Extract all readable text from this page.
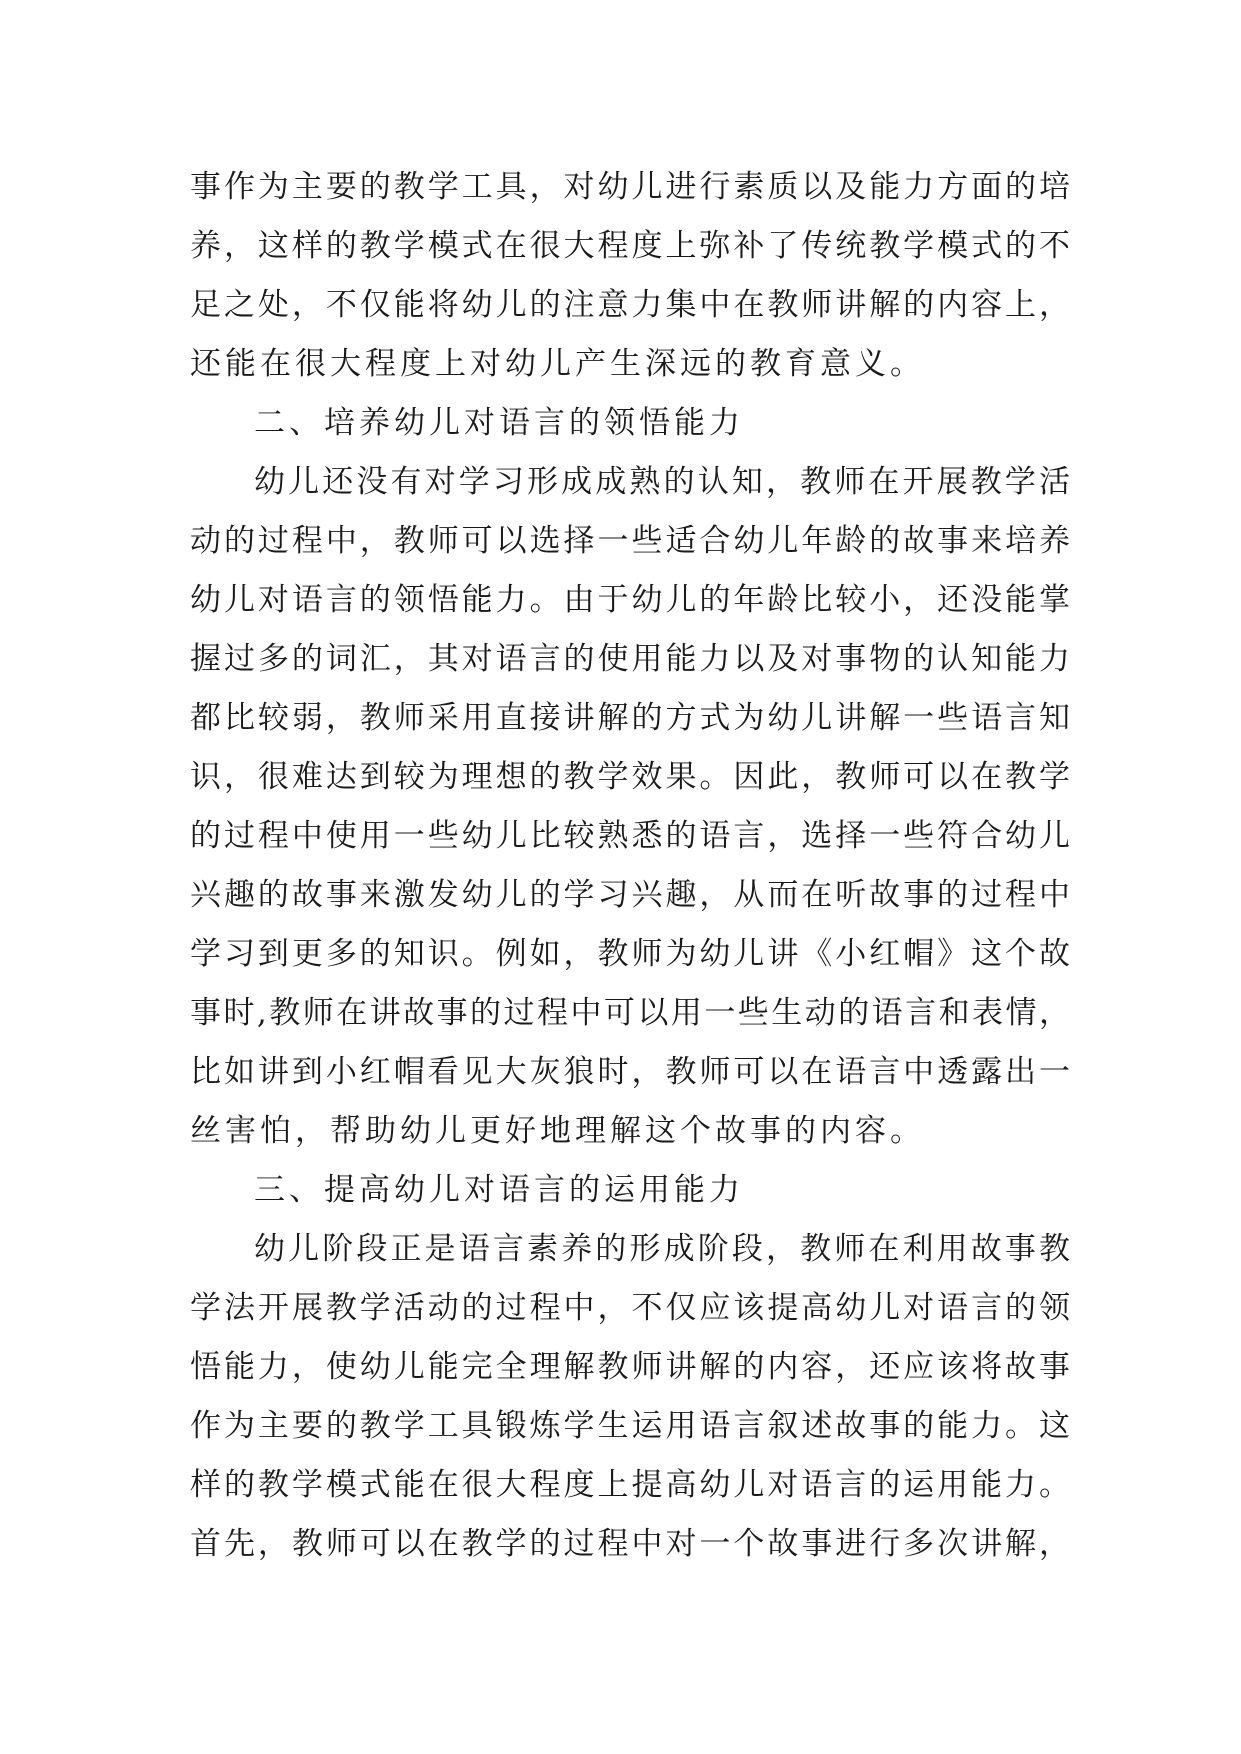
事作为主要的教学工具，对幼儿进行素质以及能力方面的培
养，这样的教学模式在很大程度上弥补了传统教学模式的不
足之处，不仅能将幼儿的注意力集中在教师讲解的内容上，
还能在很大程度上对幼儿产生深远的教育意义。
二、培养幼儿对语言的领悟能力
幼儿还没有对学习形成成熟的认知，教师在开展教学活
动的过程中，教师可以选择一些适合幼儿年龄的故事来培养
幼儿对语言的领悟能力。由于幼儿的年龄比较小，还没能掌
握过多的词汇，其对语言的使用能力以及对事物的认知能力
都比较弱，教师采用直接讲解的方式为幼儿讲解一些语言知
识，很难达到较为理想的教学效果。因此，教师可以在教学
的过程中使用一些幼儿比较熟悉的语言，选择一些符合幼儿
兴趣的故事来激发幼儿的学习兴趣，从而在听故事的过程中
学习到更多的知识。例如，教师为幼儿讲《小红帽》这个故
事时,教师在讲故事的过程中可以用一些生动的语言和表情，
比如讲到小红帽看见大灰狼时，教师可以在语言中透露出一
丝害怕，帮助幼儿更好地理解这个故事的内容。
三、提高幼儿对语言的运用能力
幼儿阶段正是语言素养的形成阶段，教师在利用故事教
学法开展教学活动的过程中，不仅应该提高幼儿对语言的领
悟能力，使幼儿能完全理解教师讲解的内容，还应该将故事
作为主要的教学工具锻炼学生运用语言叙述故事的能力。这
样的教学模式能在很大程度上提高幼儿对语言的运用能力。
首先，教师可以在教学的过程中对一个故事进行多次讲解，
